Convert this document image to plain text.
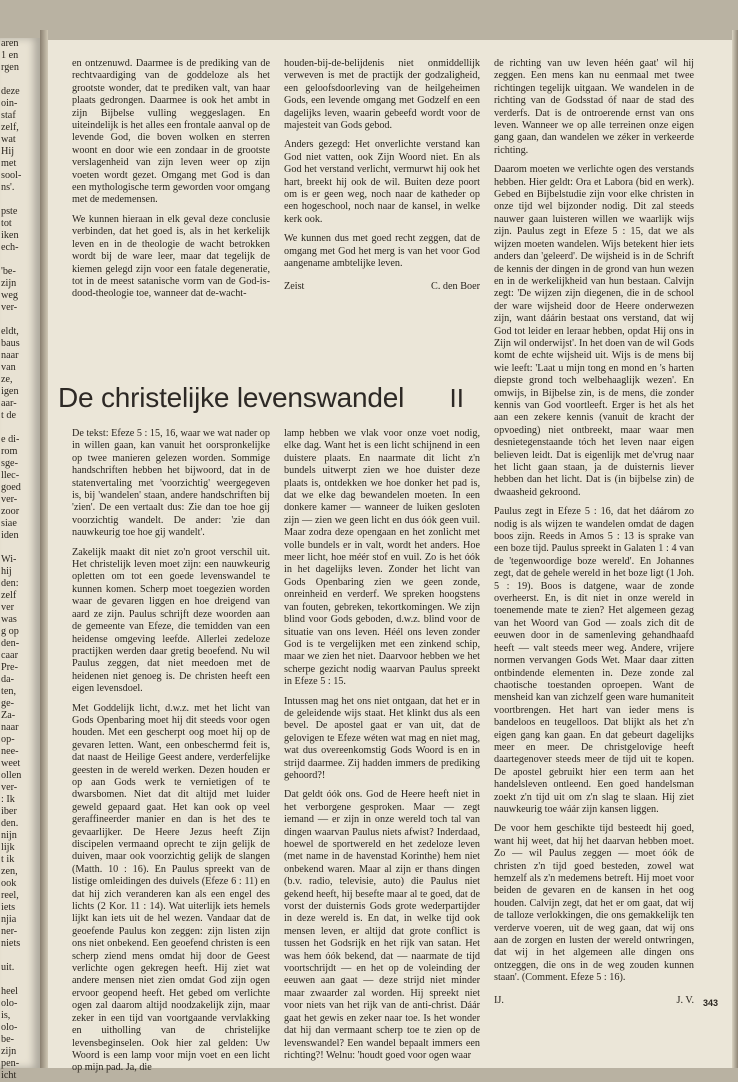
aren
1 en
rgen

deze
oin-
staf
zelf,
wat
Hij
met
sool-
ns'.

pste
tot
iken
ech-

'be-
zijn
weg
ver-

eldt,
baus
naar
van
ze,
igen
aar-
t de

e di-
rom
sge-
llec-
goed
ver-
zoor
siae
iden

Wi-
hij
den:
zelf
ver
was
g op
den-
caar
Pre-
da-
ten,
ge-
Za-
naar
op-
nee-
weet
ollen
ver-
: Ik
iber
den.
nijn
lijk
t ik
zen,
ook
reel,
iets
njia
ner-
niets

uit.

heel
olo-
is,
olo-
be-
zijn
pen-
icht

en ontzenuwd. Daarmee is de prediking van de rechtvaardiging van de goddeloze als het grootste wonder, dat te prediken valt, van haar plaats gedrongen. Daarmee is ook het ambt in zijn Bijbelse vulling weggeslagen. En uiteindelijk is het alles een frontale aanval op de levende God, die boven wolken en sterren woont en door wie een zondaar in de grootste verslagenheid van zijn leven weer op zijn voeten wordt gezet. Omgang met God is dan een mythologische term geworden voor omgang met de medemensen.

We kunnen hieraan in elk geval deze conclusie verbinden, dat het goed is, als in het kerkelijk leven en in de theologie de wacht betrokken wordt bij de ware leer, maar dat tegelijk de kiemen gelegd zijn voor een fatale degeneratie, tot in de meest satanische vorm van de God-is-dood-theologie toe, wanneer dat de-wacht-

houden-bij-de-belijdenis niet onmiddellijk verweven is met de practijk der godzaligheid, een geloofsdoorleving van de heilgeheimen Gods, een levende omgang met Godzelf en een dagelijks leven, waarin gebeefd wordt voor de majesteit van Gods gebod.

Anders gezegd: Het onverlichte verstand kan God niet vatten, ook Zijn Woord niet. En als God het verstand verlicht, vermurwt hij ook het hart, breekt hij ook de wil. Buiten deze poort om is er geen weg, noch naar de katheder op een hogeschool, noch naar de kansel, in welke kerk ook.

We kunnen dus met goed recht zeggen, dat de omgang met God het merg is van het voor God aangename ambtelijke leven.

Zeist	C. den Boer

de richting van uw leven héén gaat' wil hij zeggen. Een mens kan nu eenmaal met twee richtingen tegelijk uitgaan. We wandelen in de richting van de Godsstad óf naar de stad des verderfs. Dat is de ontroerende ernst van ons leven. Wanneer we op alle terreinen onze eigen gang gaan, dan wandelen we zéker in verkeerde richting.

Daarom moeten we verlichte ogen des verstands hebben. Hier geldt: Ora et Labora (bid en werk). Gebed en Bijbelstudie zijn voor elke christen in onze tijd wel bijzonder nodig. Dit zal steeds nauwer gaan luisteren willen we waarlijk wijs zijn. Paulus zegt in Efeze 5 : 15, dat we als wijzen moeten wandelen. Wijs betekent hier iets anders dan 'geleerd'. De wijsheid is in de Schrift de kennis der dingen in de grond van hun wezen en in de werkelijkheid van hun bestaan. Calvijn zegt: 'De wijzen zijn diegenen, die in de school der ware wijsheid door de Heere onderwezen zijn, want dáárin bestaat ons verstand, dat wij God tot leider en leraar hebben, opdat Hij ons in Zijn wil onderwijst'. In het doen van de wil Gods komt de echte wijsheid uit. Wijs is de mens bij wie leeft: 'Laat u mijn tong en mond en 's harten diepste grond toch welbehaaglijk wezen'. En omwijs, in Bijbelse zin, is de mens, die zonder kennis van God voortleeft. Erger is het als het aan een zekere kennis (vanuit de kracht der opvoeding) niet ontbreekt, maar waar men desnietegenstaande tóch het leven naar eigen believen leidt. Dat is eigenlijk met de'vrug naar het licht gaan staan, ja de duisternis liever hebben dan het licht. Dat is (in bijbelse zin) de dwaasheid gekroond.

Paulus zegt in Efeze 5 : 16, dat het dáárom zo nodig is als wijzen te wandelen omdat de dagen boos zijn. Reeds in Amos 5 : 13 is sprake van een boze tijd. Paulus spreekt in Galaten 1 : 4 van de 'tegenwoordige boze wereld'. En Johannes zegt, dat de gehele wereld in het boze ligt (1 Joh. 5 : 19). Boos is datgene, waar de zonde overheerst. En, is dit niet in onze wereld in toenemende mate te zien? Het algemeen gezag van het Woord van God — zoals zich dit de eeuwen door in de samenleving gehandhaafd heeft — valt steeds meer weg. Andere, vrijere normen vervangen Gods Wet. Maar daar zitten ontbindende elementen in. Deze zonde zal chaotische toestanden oproepen. Want de mensheid kan van zichzelf geen ware humaniteit voortbrengen. Het hart van ieder mens is bandeloos en teugelloos. Dat blijkt als het z'n eigen gang kan gaan. En dat gebeurt dagelijks meer en meer. De christgelovige heeft daartegenover steeds meer de tijd uit te kopen. De apostel gebruikt hier een term aan het handelsleven ontleend. Een goed handelsman zoekt z'n tijd uit om z'n slag te slaan. Hij ziet nauwkeurig toe wáár zijn kansen liggen.

De voor hem geschikte tijd besteedt hij goed, want hij weet, dat hij het daarvan hebben moet. Zo — wil Paulus zeggen — moet óók de christen z'n tijd goed besteden, zowel wat hemzelf als z'n medemens betreft. Hij moet voor beiden de gevaren en de kansen in het oog houden. Calvijn zegt, dat het er om gaat, dat wij de talloze verlokkingen, die ons gemakkelijk ten verderve voeren, uit de weg gaan, dat wij ons aan de zorgen en lusten der wereld ontwringen, dat wij in het algemeen alle dingen ons ontzeggen, die ons in de weg zouden kunnen staan'. (Comment. Efeze 5 : 16).

IJ.	J. V.
De christelijke levenswandel II

De tekst: Efeze 5 : 15, 16, waar we wat nader op in willen gaan, kan vanuit het oorspronkelijke op twee manieren gelezen worden. Sommige handschriften hebben het bijwoord, dat in de statenvertaling met 'voorzichtig' weergegeven is, bij 'wandelen' staan, andere handschriften bij 'zien'. De een vertaalt dus: Zie dan toe hoe gij voorzichtig wandelt. De ander: 'zie dan nauwkeurig toe hoe gij wandelt'.

Zakelijk maakt dit niet zo'n groot verschil uit. Het christelijk leven moet zijn: een nauwkeurig opletten om tot een goede levenswandel te kunnen komen. Scherp moet toegezien worden waar de gevaren liggen en hoe dreigend van aard ze zijn. Paulus schrijft deze woorden aan de gemeente van Efeze, die temidden van een heidense omgeving leefde. Allerlei zedeloze practijken werden daar gretig beoefend. Nu wil Paulus zeggen, dat niet meedoen met de heidenen niet genoeg is. De christen heeft een eigen levensdoel.

Met Goddelijk licht, d.w.z. met het licht van Gods Openbaring moet hij dit steeds voor ogen houden. Met een gescherpt oog moet hij op de gevaren letten. Want, een onbeschermd feit is, dat naast de Heilige Geest andere, verderfelijke geesten in de wereld werken. Dezen houden er op aan Gods werk te vernietigen of te dwarsbomen. Niet dat dit altijd met luider geweld gepaard gaat. Het kan ook op veel geraffineerder manier en dan is het des te gevaarlijker. De Heere Jezus heeft Zijn discipelen vermaand oprecht te zijn gelijk de duiven, maar ook voorzichtig gelijk de slangen (Matth. 10 : 16). En Paulus spreekt van de listige omleidingen des duivels (Efeze 6 : 11) en dat hij zich veranderen kan als een engel des lichts (2 Kor. 11 : 14). Wat uiterlijk iets hemels lijkt kan iets uit de hel wezen. Vandaar dat de geoefende Paulus kon zeggen: zijn listen zijn ons niet onbekend. Een geoefend christen is een scherp ziend mens omdat hij door de Geest verlichte ogen gekregen heeft. Hij ziet wat andere mensen niet zien omdat God zijn ogen ervoor geopend heeft. Het gebed om verlichte ogen zal daarom altijd noodzakelijk zijn, maar zeker in een tijd van voortgaande vervlakking en uitholling van de christelijke levensbeginselen. Ook hier zal gelden: Uw Woord is een lamp voor mijn voet en een licht op mijn pad. Ja, die

lamp hebben we vlak voor onze voet nodig, elke dag. Want het is een licht schijnend in een duistere plaats. En naarmate dit licht z'n bundels uitwerpt zien we hoe duister deze plaats is, ontdekken we hoe donker het pad is, dat we elke dag bewandelen moeten. In een donkere kamer — wanneer de luiken gesloten zijn — zien we geen licht en dus óók geen vuil. Maar zodra deze opengaan en het zonlicht met volle bundels er in valt, wordt het anders. Hoe meer licht, hoe méér stof en vuil. Zo is het óók in het dagelijks leven. Zonder het licht van Gods Openbaring zien we geen zonde, onreinheid en verderf. We spreken hoogstens van fouten, gebreken, tekortkomingen. We zijn blind voor Gods geboden, d.w.z. blind voor de situatie van ons leven. Héél ons leven zonder God is te vergelijken met een zinkend schip, maar we zien het niet. Daarvoor hebben we het scherpe gezicht nodig waarvan Paulus spreekt in Efeze 5 : 15.

Intussen mag het ons niet ontgaan, dat het er in de geleidende wijs staat. Het klinkt dus als een bevel. De apostel gaat er van uit, dat de gelovigen te Efeze wéten wat mag en niet mag, wat dus overeenkomstig Gods Woord is en in strijd daarmee. Zij hadden immers de prediking gehoord?!

Dat geldt óók ons. God de Heere heeft niet in het verborgene gesproken. Maar — zegt iemand — er zijn in onze wereld toch tal van dingen waarvan Paulus niets afwist? Inderdaad, hoewel de sportwereld en het zedeloze leven (met name in de havenstad Korinthe) hem niet onbekend waren. Maar al zijn er thans dingen (b.v. radio, televisie, auto) die Paulus niet gekend heeft, hij besefte maar al te goed, dat de vorst der duisternis Gods grote wederpartijder in deze wereld is. En dat, in welke tijd ook mensen leven, er altijd dat grote conflict is tussen het Godsrijk en het rijk van satan. Het was hem óók bekend, dat — naarmate de tijd voortschrijdt — en het op de voleinding der eeuwen aan gaat — deze strijd niet minder maar zwaarder zal worden. Hij spreekt niet voor niets van het rijk van de anti-christ. Dáár gaat het gewis en zeker naar toe. Is het wonder dat hij dan vermaant scherp toe te zien op de levenswandel? Een wandel bepaalt immers een richting?! Welnu: 'houdt goed voor ogen waar

343
